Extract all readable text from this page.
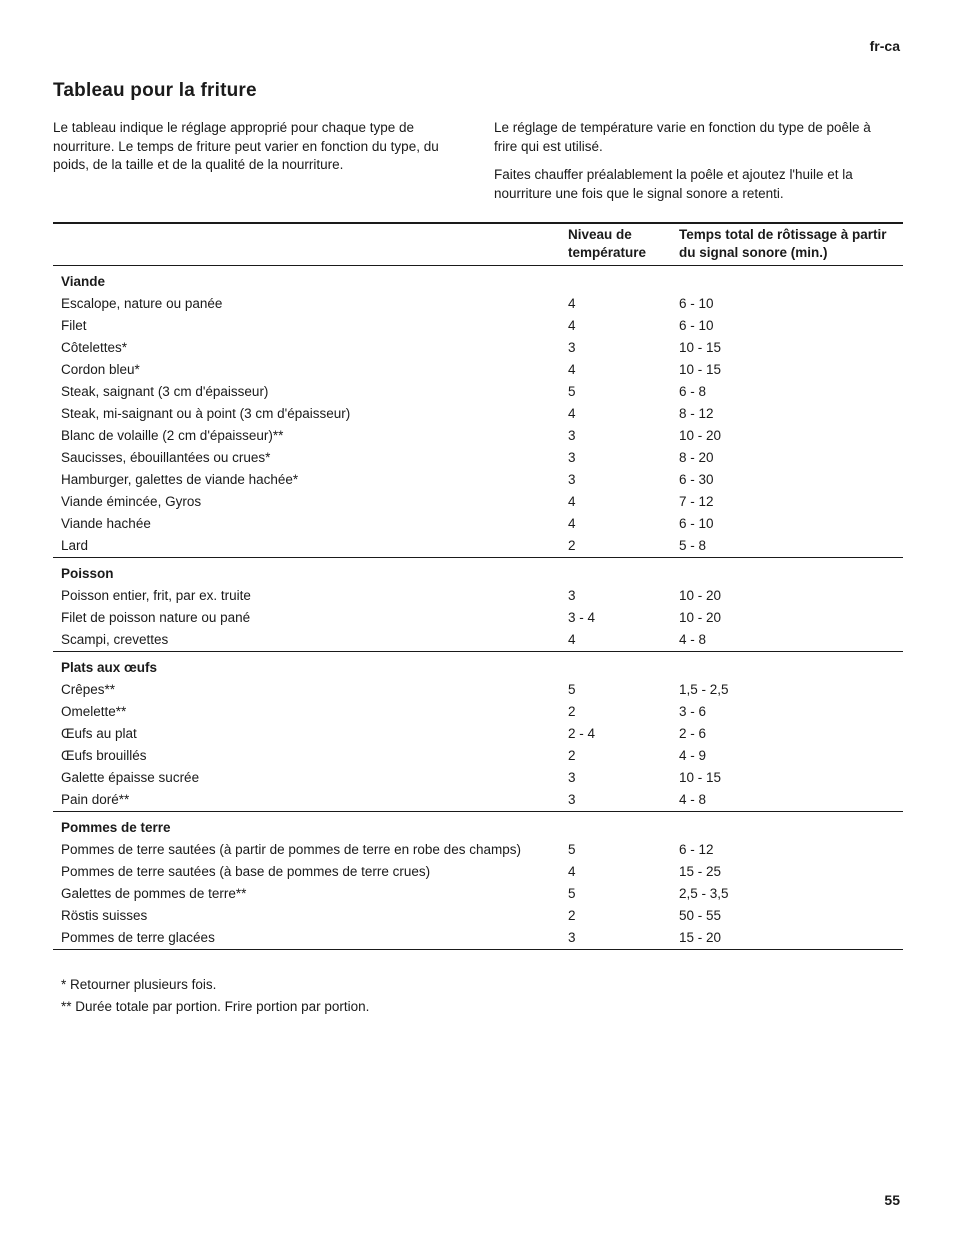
fr-ca
Tableau pour la friture

Le tableau indique le réglage approprié pour chaque type de nourriture. Le temps de friture peut varier en fonction du type, du poids, de la taille et de la qualité de la nourriture.

Le réglage de température varie en fonction du type de poêle à frire qui est utilisé.

Faites chauffer préalablement la poêle et ajoutez l'huile et la nourriture une fois que le signal sonore a retenti.

	Niveau de température	Temps total de rôtissage à partir du signal sonore (min.)
Viande		
Escalope, nature ou panée	4	6 - 10
Filet	4	6 - 10
Côtelettes*	3	10 - 15
Cordon bleu*	4	10 - 15
Steak, saignant (3 cm d'épaisseur)	5	6 - 8
Steak, mi-saignant ou à point (3 cm d'épaisseur)	4	8 - 12
Blanc de volaille (2 cm d'épaisseur)**	3	10 - 20
Saucisses, ébouillantées ou crues*	3	8 - 20
Hamburger, galettes de viande hachée*	3	6 - 30
Viande émincée, Gyros	4	7 - 12
Viande hachée	4	6 - 10
Lard	2	5 - 8
Poisson		
Poisson entier, frit, par ex. truite	3	10 - 20
Filet de poisson nature ou pané	3 - 4	10 - 20
Scampi, crevettes	4	4 - 8
Plats aux œufs		
Crêpes**	5	1,5 - 2,5
Omelette**	2	3 - 6
Œufs au plat	2 - 4	2 - 6
Œufs brouillés	2	4 - 9
Galette épaisse sucrée	3	10 - 15
Pain doré**	3	4 - 8
Pommes de terre		
Pommes de terre sautées (à partir de pommes de terre en robe des champs)	5	6 - 12
Pommes de terre sautées (à base de pommes de terre crues)	4	15 - 25
Galettes de pommes de terre**	5	2,5 - 3,5
Röstis suisses	2	50 - 55
Pommes de terre glacées	3	15 - 20
* Retourner plusieurs fois.
** Durée totale par portion. Frire portion par portion.
55
